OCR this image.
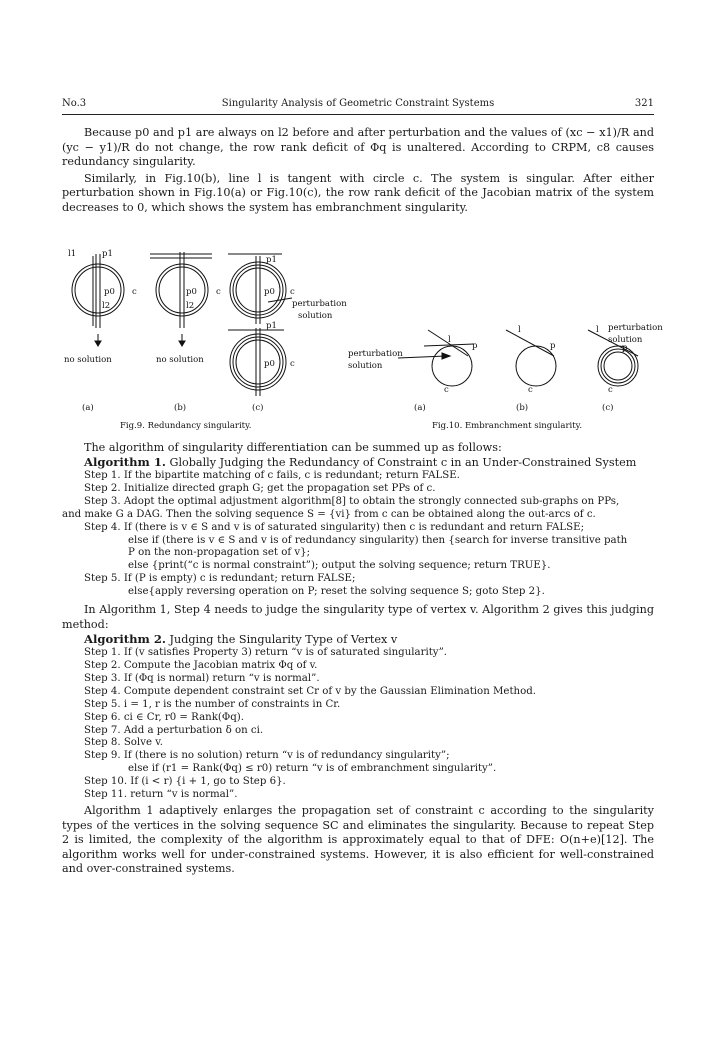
No.3	Singularity Analysis of Geometric Constraint Systems	321

Because p0 and p1 are always on l2 before and after perturbation and the values of (xc − x1)/R and (yc − y1)/R do not change, the row rank deficit of Φq is unaltered. According to CRPM, c8 causes redundancy singularity.

Similarly, in Fig.10(b), line l is tangent with circle c. The system is singular. After either perturbation shown in Fig.10(a) or Fig.10(c), the row rank deficit of the Jacobian matrix of the system decreases to 0, which shows the system has embranchment singularity.

l1	p1
p0 c
l2
no solution
p0 c
l2
no solution
p1
p0 c
perturbation
solution
p1
p0 c
(a)	(b)	(c)
Fig.9. Redundancy singularity.
l
p
c
perturbation
solution
l
p
c
l
p
c
perturbation
solution
(a)	(b)	(c)
Fig.10. Embranchment singularity.

The algorithm of singularity differentiation can be summed up as follows:

Algorithm 1. Globally Judging the Redundancy of Constraint c in an Under-Constrained System

Step 1. If the bipartite matching of c fails, c is redundant; return FALSE.

Step 2. Initialize directed graph G; get the propagation set PPs of c.

Step 3. Adopt the optimal adjustment algorithm[8] to obtain the strongly connected sub-graphs on PPs,

and make G a DAG. Then the solving sequence S = {vi} from c can be obtained along the out-arcs of c.

Step 4. If (there is v ∈ S and v is of saturated singularity) then c is redundant and return FALSE;

else if (there is v ∈ S and v is of redundancy singularity) then {search for inverse transitive path

P on the non-propagation set of v};

else {print(“c is normal constraint”); output the solving sequence; return TRUE}.

Step 5. If (P is empty) c is redundant; return FALSE;

else{apply reversing operation on P; reset the solving sequence S; goto Step 2}.

In Algorithm 1, Step 4 needs to judge the singularity type of vertex v. Algorithm 2 gives this judging method:

Algorithm 2. Judging the Singularity Type of Vertex v

Step 1. If (v satisfies Property 3) return “v is of saturated singularity”.

Step 2. Compute the Jacobian matrix Φq of v.

Step 3. If (Φq is normal) return “v is normal”.

Step 4. Compute dependent constraint set Cr of v by the Gaussian Elimination Method.

Step 5. i = 1, r is the number of constraints in Cr.

Step 6. ci ∈ Cr, r0 = Rank(Φq).

Step 7. Add a perturbation δ on ci.

Step 8. Solve v.

Step 9. If (there is no solution) return “v is of redundancy singularity”;

else if (r1 = Rank(Φq) ≤ r0) return “v is of embranchment singularity”.

Step 10. If (i < r) {i + 1, go to Step 6}.

Step 11. return “v is normal”.

Algorithm 1 adaptively enlarges the propagation set of constraint c according to the singularity types of the vertices in the solving sequence SC and eliminates the singularity. Because to repeat Step 2 is limited, the complexity of the algorithm is approximately equal to that of DFE: O(n+e)[12]. The algorithm works well for under-constrained systems. However, it is also efficient for well-constrained and over-constrained systems.
